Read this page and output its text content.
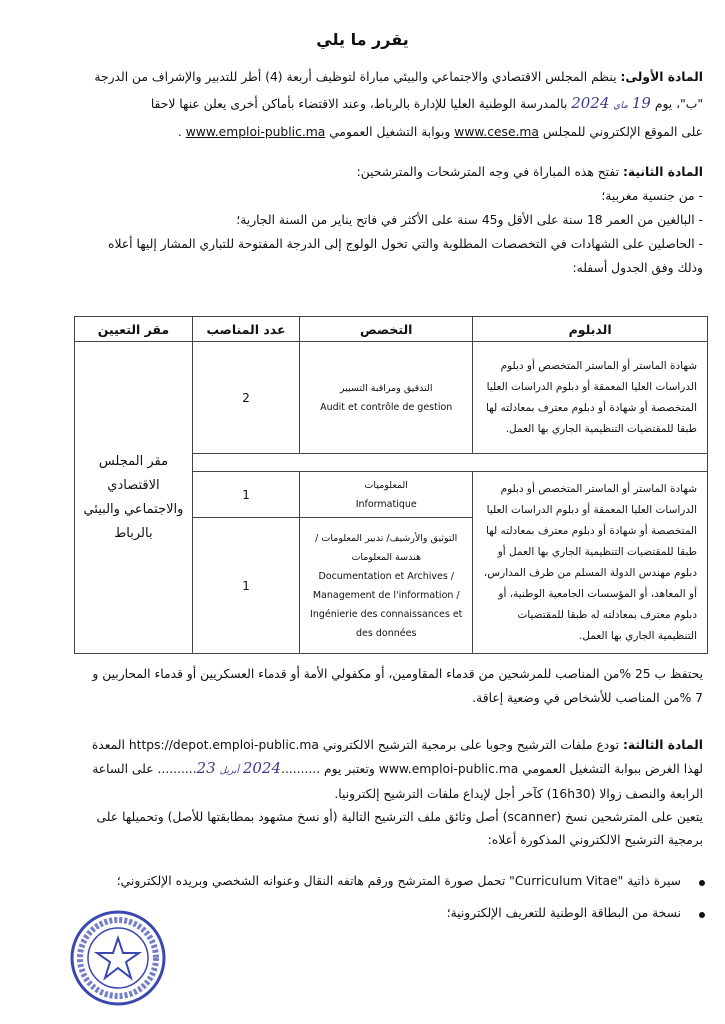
يقرر ما يلي
المادة الأولى: ينظم المجلس الاقتصادي والاجتماعي والبيئي مباراة لتوظيف أربعة (4) أطر للتدبير والإشراف من الدرجة
"ب"، يوم 19 ماي 2024 بالمدرسة الوطنية العليا للإدارة بالرباط، وعند الاقتضاء بأماكن أخرى يعلن عنها لاحقا
على الموقع الإلكتروني للمجلس www.cese.ma وبوابة التشغيل العمومي www.emploi-public.ma .
المادة الثانية: تفتح هذه المباراة في وجه المترشحات والمترشحين:
- من جنسية مغربية؛
- البالغين من العمر 18 سنة على الأقل و45 سنة على الأكثر في فاتح يناير من السنة الجارية؛
- الحاصلين على الشهادات في التخصصات المطلوبة والتي تخول الولوج إلى الدرجة المفتوحة للتباري المشار إليها أعلاه
وذلك وفق الجدول أسفله:
الدبلوم	التخصص	عدد المناصب	مقر التعيين
شهادة الماستر أو الماستر المتخصص أو دبلوم الدراسات العليا المعمقة أو دبلوم الدراسات العليا المتخصصة أو شهادة أو دبلوم معترف بمعادلته لها طبقا للمقتضيات التنظيمية الجاري بها العمل.	التدقيق ومراقبة التسيير
Audit et contrôle de gestion	2	مقر المجلس الاقتصادي والاجتماعي والبيئي بالرباط

شهادة الماستر أو الماستر المتخصص أو دبلوم الدراسات العليا المعمقة أو دبلوم الدراسات العليا المتخصصة أو شهادة أو دبلوم معترف بمعادلته لها طبقا للمقتضيات التنظيمية الجاري بها العمل أو دبلوم مهندس الدولة المسلم من طرف المدارس، أو المعاهد، أو المؤسسات الجامعية الوطنية، أو دبلوم معترف بمعادلته له طبقا للمقتضيات التنظيمية الجاري بها العمل.	المعلوميات
Informatique	1	

	التوثيق والأرشيف/ تدبير المعلومات / هندسة المعلومات
Documentation et Archives / Management de l'information / Ingénierie des connaissances et des données	1	
يحتفظ ب 25 %من المناصب للمرشحين من قدماء المقاومين، أو مكفولي الأمة أو قدماء العسكريين أو قدماء المحاربين و
7 %من المناصب للأشخاص في وضعية إعاقة.
المادة الثالثة: تودع ملفات الترشيح وجوبا على برمجية الترشيح الالكتروني https://depot.emploi-public.ma المعدة
لهذا الغرض ببوابة التشغيل العمومي www.emploi-public.ma وتعتبر يوم ..........2024 أبريل 23.......... على الساعة
الرابعة والنصف زوالا (16h30) كآخر أجل لإيداع ملفات الترشيح إلكترونيا.
يتعين على المترشحين نسخ (scanner) أصل وثائق ملف الترشيح التالية (أو نسخ مشهود بمطابقتها للأصل) وتحميلها على
برمجية الترشيح الالكتروني المذكورة أعلاه:
سيرة ذاتية "Curriculum Vitae" تحمل صورة المترشح ورقم هاتفه النقال وعنوانه الشخصي وبريده الإلكتروني؛
نسخة من البطاقة الوطنية للتعريف الإلكترونية؛
